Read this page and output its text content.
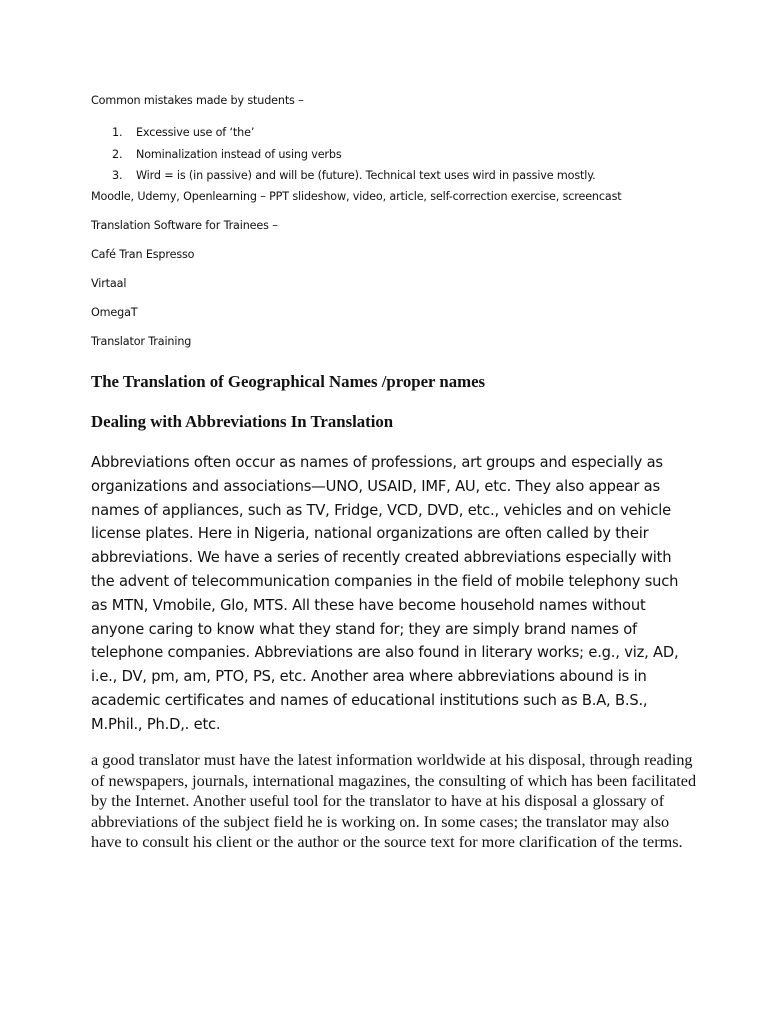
Common mistakes made by students –

1. Excessive use of ‘the’
2. Nominalization instead of using verbs
3. Wird = is (in passive) and will be (future). Technical text uses wird in passive mostly.

Moodle, Udemy, Openlearning – PPT slideshow, video, article, self-correction exercise, screencast

Translation Software for Trainees –

Café Tran Espresso

Virtaal

OmegaT

Translator Training

The Translation of Geographical Names /proper names
Dealing with Abbreviations In Translation

Abbreviations often occur as names of professions, art groups and especially as organizations and associations—UNO, USAID, IMF, AU, etc. They also appear as names of appliances, such as TV, Fridge, VCD, DVD, etc., vehicles and on vehicle license plates. Here in Nigeria, national organizations are often called by their abbreviations. We have a series of recently created abbreviations especially with the advent of telecommunication companies in the field of mobile telephony such as MTN, Vmobile, Glo, MTS. All these have become household names without anyone caring to know what they stand for; they are simply brand names of telephone companies. Abbreviations are also found in literary works; e.g., viz, AD, i.e., DV, pm, am, PTO, PS, etc. Another area where abbreviations abound is in academic certificates and names of educational institutions such as B.A, B.S., M.Phil., Ph.D,. etc.

a good translator must have the latest information worldwide at his disposal, through reading of newspapers, journals, international magazines, the consulting of which has been facilitated by the Internet. Another useful tool for the translator to have at his disposal a glossary of abbreviations of the subject field he is working on. In some cases; the translator may also have to consult his client or the author or the source text for more clarification of the terms.
